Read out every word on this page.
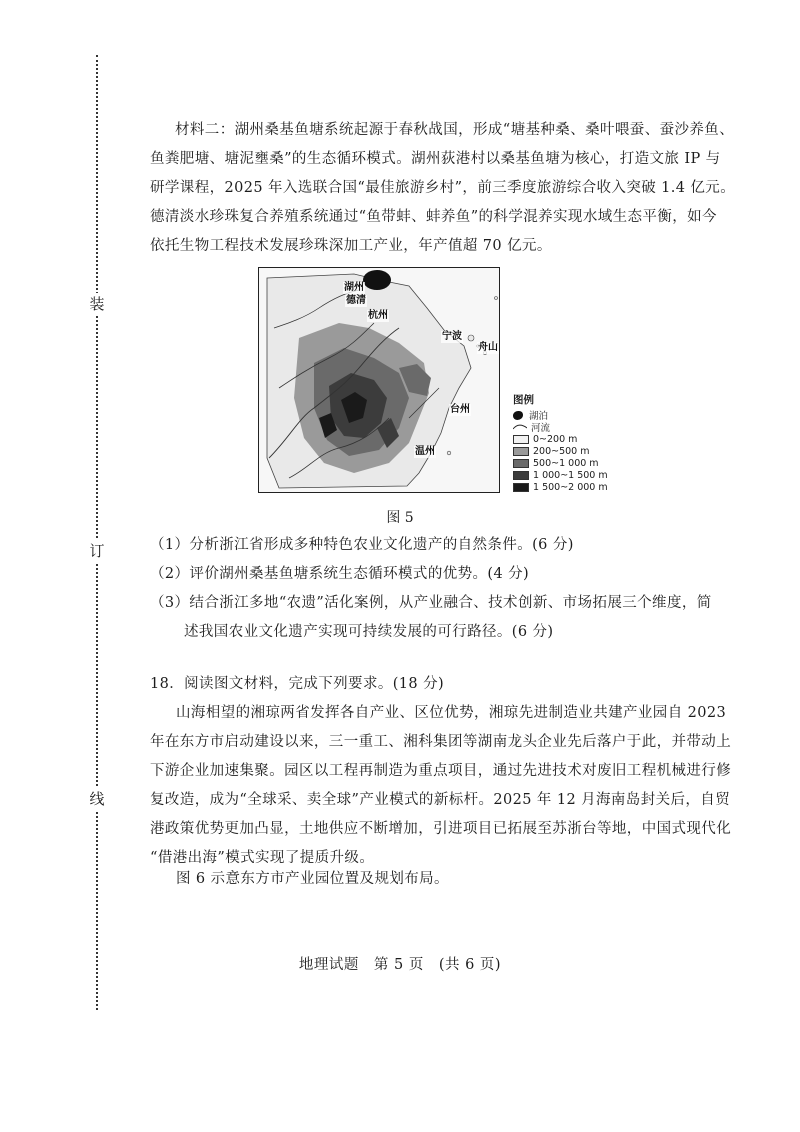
装
订
线
材料二：湖州桑基鱼塘系统起源于春秋战国，形成“塘基种桑、桑叶喂蚕、蚕沙养鱼、
鱼粪肥塘、塘泥壅桑”的生态循环模式。湖州荻港村以桑基鱼塘为核心，打造文旅 IP 与
研学课程，2025 年入选联合国“最佳旅游乡村”，前三季度旅游综合收入突破 1.4 亿元。
德清淡水珍珠复合养殖系统通过“鱼带蚌、蚌养鱼”的科学混养实现水域生态平衡，如今
依托生物工程技术发展珍珠深加工产业，年产值超 70 亿元。
湖州
德清
杭州
宁波
舟山
台州
温州
图例
湖泊
河流
0~200 m
200~500 m
500~1 000 m
1 000~1 500 m
1 500~2 000 m
图 5
（1）分析浙江省形成多种特色农业文化遗产的自然条件。(6 分)
（2）评价湖州桑基鱼塘系统生态循环模式的优势。(4 分)
（3）结合浙江多地“农遗”活化案例，从产业融合、技术创新、市场拓展三个维度，简
述我国农业文化遗产实现可持续发展的可行路径。(6 分)
18．阅读图文材料，完成下列要求。(18 分)
山海相望的湘琼两省发挥各自产业、区位优势，湘琼先进制造业共建产业园自 2023
年在东方市启动建设以来，三一重工、湘科集团等湖南龙头企业先后落户于此，并带动上
下游企业加速集聚。园区以工程再制造为重点项目，通过先进技术对废旧工程机械进行修
复改造，成为“全球采、卖全球”产业模式的新标杆。2025 年 12 月海南岛封关后，自贸
港政策优势更加凸显，土地供应不断增加，引进项目已拓展至苏浙台等地，中国式现代化
“借港出海”模式实现了提质升级。
图 6 示意东方市产业园位置及规划布局。
地理试题　第 5 页　(共 6 页)
